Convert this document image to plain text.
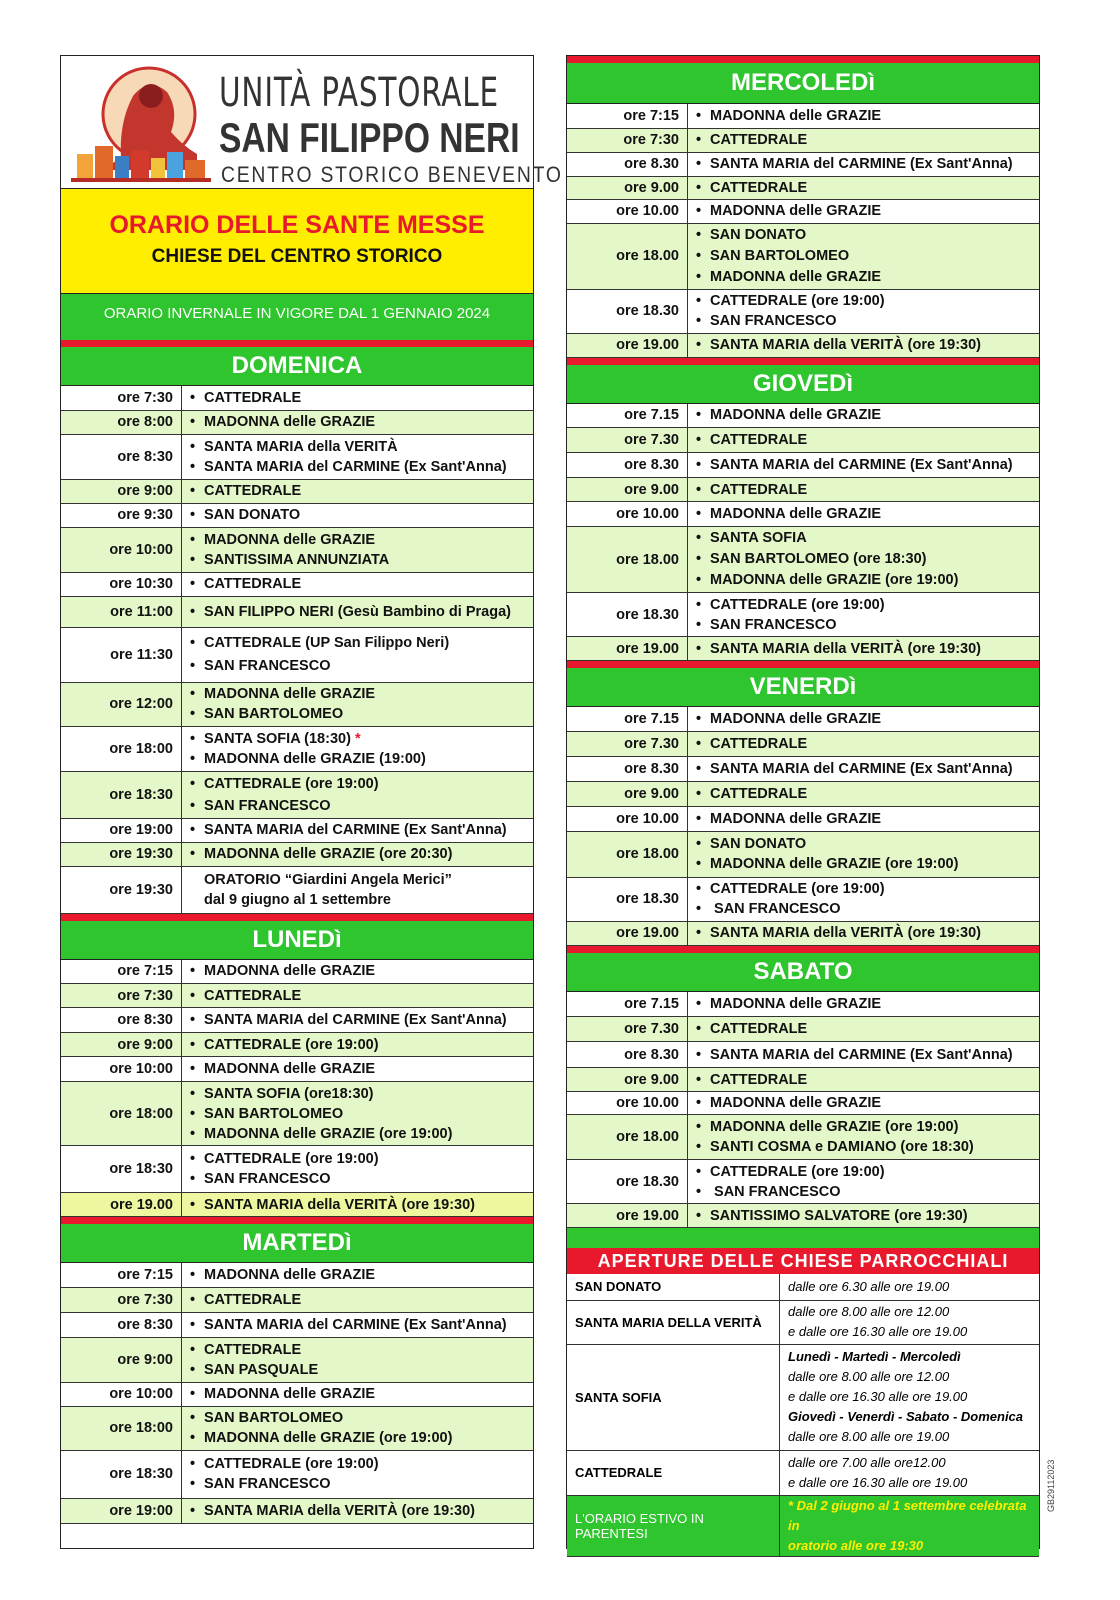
UNITÀ PASTORALE
SAN FILIPPO NERI
CENTRO STORICO BENEVENTO
ORARIO DELLE SANTE MESSE
CHIESE DEL CENTRO STORICO
ORARIO INVERNALE IN VIGORE DAL 1 GENNAIO 2024
DOMENICA
ore 7:30	• CATTEDRALE

ore 8:00	• MADONNA delle GRAZIE

ore 8:30	• SANTA MARIA della VERITÀ
• SANTA MARIA del CARMINE (Ex Sant'Anna)

ore 9:00	• CATTEDRALE

ore 9:30	• SAN DONATO

ore 10:00	• MADONNA delle GRAZIE
• SANTISSIMA ANNUNZIATA

ore 10:30	• CATTEDRALE

ore 11:00	• SAN FILIPPO NERI (Gesù Bambino di Praga)

ore 11:30	• CATTEDRALE (UP San Filippo Neri)
• SAN FRANCESCO

ore 12:00	• MADONNA delle GRAZIE
• SAN BARTOLOMEO

ore 18:00	• SANTA SOFIA (18:30) *
• MADONNA delle GRAZIE (19:00)

ore 18:30	• CATTEDRALE (ore 19:00)
• SAN FRANCESCO

ore 19:00	• SANTA MARIA del CARMINE (Ex Sant'Anna)

ore 19:30	• MADONNA delle GRAZIE (ore 20:30)

ore 19:30	ORATORIO “Giardini Angela Merici”
dal 9 giugno al 1 settembre
LUNEDì
ore 7:15	• MADONNA delle GRAZIE

ore 7:30	• CATTEDRALE

ore 8:30	• SANTA MARIA del CARMINE (Ex Sant'Anna)

ore 9:00	• CATTEDRALE (ore 19:00)

ore 10:00	• MADONNA delle GRAZIE

ore 18:00	• SANTA SOFIA (ore18:30)
• SAN BARTOLOMEO
• MADONNA delle GRAZIE (ore 19:00)

ore 18:30	• CATTEDRALE (ore 19:00)
• SAN FRANCESCO

ore 19.00	• SANTA MARIA della VERITÀ (ore 19:30)
MARTEDì
ore 7:15	• MADONNA delle GRAZIE

ore 7:30	• CATTEDRALE

ore 8:30	• SANTA MARIA del CARMINE (Ex Sant'Anna)

ore 9:00	• CATTEDRALE
• SAN PASQUALE

ore 10:00	• MADONNA delle GRAZIE

ore 18:00	• SAN BARTOLOMEO
• MADONNA delle GRAZIE (ore 19:00)

ore 18:30	• CATTEDRALE (ore 19:00)
• SAN FRANCESCO

ore 19:00	• SANTA MARIA della VERITÀ (ore 19:30)
MERCOLEDì
ore 7:15	• MADONNA delle GRAZIE

ore 7:30	• CATTEDRALE

ore 8.30	• SANTA MARIA del CARMINE (Ex Sant'Anna)

ore 9.00	• CATTEDRALE

ore 10.00	• MADONNA delle GRAZIE

ore 18.00	• SAN DONATO
• SAN BARTOLOMEO
• MADONNA delle GRAZIE

ore 18.30	• CATTEDRALE (ore 19:00)
• SAN FRANCESCO

ore 19.00	• SANTA MARIA della VERITÀ (ore 19:30)
GIOVEDì
ore 7.15	• MADONNA delle GRAZIE

ore 7.30	• CATTEDRALE

ore 8.30	• SANTA MARIA del CARMINE (Ex Sant'Anna)

ore 9.00	• CATTEDRALE

ore 10.00	• MADONNA delle GRAZIE

ore 18.00	• SANTA SOFIA
• SAN BARTOLOMEO (ore 18:30)
• MADONNA delle GRAZIE (ore 19:00)

ore 18.30	• CATTEDRALE (ore 19:00)
• SAN FRANCESCO

ore 19.00	• SANTA MARIA della VERITÀ (ore 19:30)
VENERDì
ore 7.15	• MADONNA delle GRAZIE

ore 7.30	• CATTEDRALE

ore 8.30	• SANTA MARIA del CARMINE (Ex Sant'Anna)

ore 9.00	• CATTEDRALE

ore 10.00	• MADONNA delle GRAZIE

ore 18.00	• SAN DONATO
• MADONNA delle GRAZIE (ore 19:00)

ore 18.30	• CATTEDRALE (ore 19:00)
• SAN FRANCESCO

ore 19.00	• SANTA MARIA della VERITÀ (ore 19:30)
SABATO
ore 7.15	• MADONNA delle GRAZIE

ore 7.30	• CATTEDRALE

ore 8.30	• SANTA MARIA del CARMINE (Ex Sant'Anna)

ore 9.00	• CATTEDRALE

ore 10.00	• MADONNA delle GRAZIE

ore 18.00	• MADONNA delle GRAZIE (ore 19:00)
• SANTI COSMA e DAMIANO (ore 18:30)

ore 18.30	• CATTEDRALE (ore 19:00)
• SAN FRANCESCO

ore 19.00	• SANTISSIMO SALVATORE (ore 19:30)
APERTURE DELLE CHIESE PARROCCHIALI
SAN DONATO	dalle ore 6.30 alle ore 19.00

SANTA MARIA DELLA VERITÀ	dalle ore 8.00 alle ore 12.00
e dalle ore 16.30 alle ore 19.00

SANTA SOFIA	Lunedì - Martedì - Mercoledì
dalle ore 8.00 alle ore 12.00
e dalle ore 16.30 alle ore 19.00
Giovedì - Venerdì - Sabato - Domenica
dalle ore 8.00 alle ore 19.00

CATTEDRALE	dalle ore 7.00 alle ore12.00
e dalle ore 16.30 alle ore 19.00

L'ORARIO ESTIVO IN PARENTESI	* Dal 2 giugno al 1 settembre celebrata in
oratorio alle ore 19:30
GB29112023
